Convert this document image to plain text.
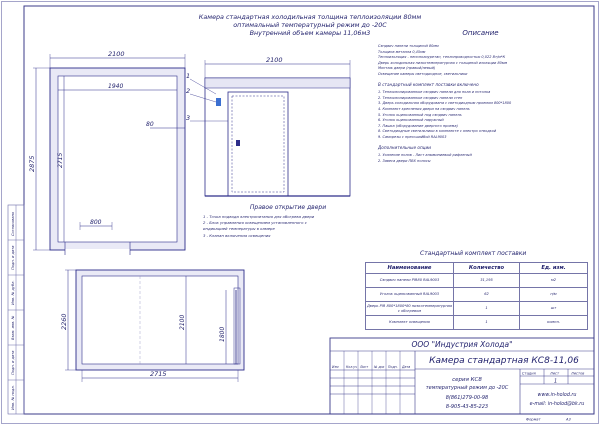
Инв. № подл.
Подп. и дата
Взам. инв. №
Инв. № дубл.
Подп. и дата
Согласовано
2100
1940
2875	2715
80
800
2100
1
2
3
2260	2100
1800
2715
ООО "Индустрия Холода"
Камера стандартная КС8-11,06
Изм Кол.уч Лист	№ док Подп.	Дата
серия КС8
температурный режим до -20С
8(861)279-00-98
8-905-43-85-223
Стадия	Лист	Листов
1
www.in-holod.ru
e-mail: in-holod@bk.ru
Формат	А3
Камера стандартная холодильная толщина теплоизоляции 80мм
оптимальный температурный режим до -20С
Внутренний объем камеры 11,06м3	Описание
Сэндвич панели толщиной 80мм
Толщина металла 0,45мм
Теплоизоляция - пенополиуретан, теплопроводностью 0,022 Вт/м*К
Дверь холодильная низкотемпературная с толщиной изоляции 80мм
Монтаж двери (правый/левый)
Освещение камеры светодиодное, светильники
В стандартный комплект поставки включено
1. Теплоизолированные сэндвич панели для пола и потолка
2. Теплоизолированные сэндвич панели стен
3. Дверь холодильная оборудована с светодиодным проемом 800*1800
4. Комплект крепления двери на сэндвич панель
5. Уголок оцинкованный под сэндвич панель
6. Уголок оцинкованный наружный
7. Пашка (оборудование дверного проема)
8. Светодиодные светильники в комплекте с электро отводкой
9. Саморезы с прессшайбой RAL9003
Дополнительные опции
1. Усиление полов - Лист алюминиевый рифленый
2. Завеса двери ПВХ полосы
Правое открытие двери
1 - Точка подвода электропитания для обогрева двери
2 - Блок управления освещением установленного с
индикацией температуры в камере
3 - Клапан включения освещения
Стандартный комплект поставки
Наименование	Количество	Ед. изм.
Сэндвич панели PIR80 RAL9003	31,195	м2
Уголок оцинкованный RAL9003	62	п/м
Дверь PIR 800*1800*80 низкотемпературная с обогревом	1	шт
Комплект освещения	1	компл.
